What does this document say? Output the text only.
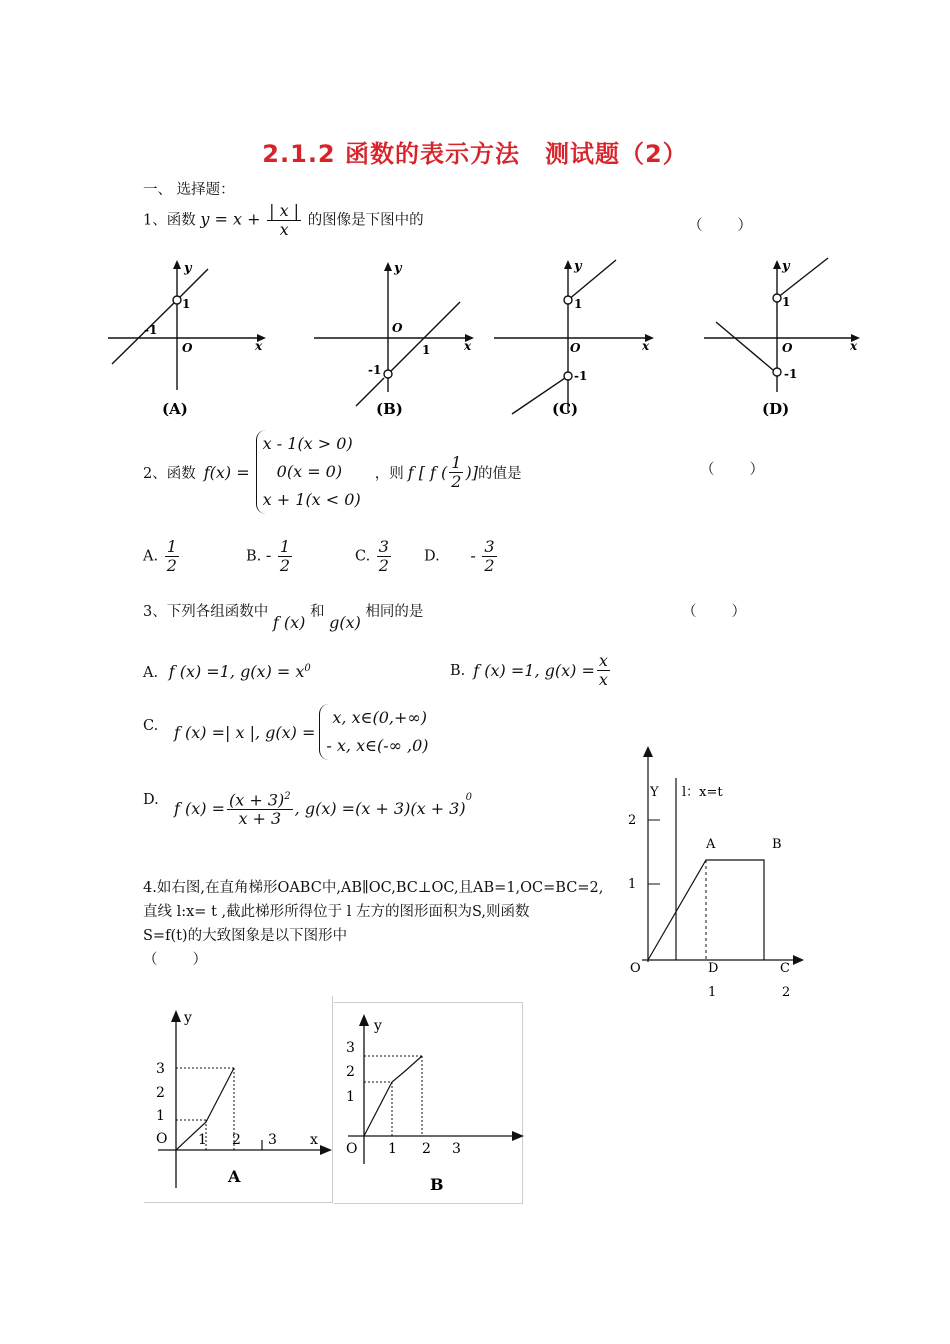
2.1.2 函数的表示方法　测试题（2）
一、 选择题：
1、函数 $y = x + \frac{| x |}{x}$ 的图像是下图中的	（　　）
y
1
-1
O	x
(A)
y
O
-1
1	x
(B)
y
1
O
-1
x
(C)
y
1
O
-1
x
(D)
2、函数 f(x) =
x - 1(x > 0)
0(x = 0)
x + 1(x < 0)
，则 f [ f ( $\frac{1}{2}$ )] 的值是	（　　）
A. $\frac{1}{2}$	B. - $\frac{1}{2}$	C. $\frac{3}{2} D$. - $\frac{3}{2}$
3、下列各组函数中 f (x) 和 g(x) 相同的是	（　　）
A. f (x) =1, $g(x) = x^0$	B. f (x) =1, $g(x) = \frac{x}{x}$
C. f (x) =| x |, g(x) =
x, x∈(0,+∞)
- x, x∈(-∞ ,0)
D. f $(x) = \frac{(x + 3)^2}{x + 3}$ , g(x) =(x + 3)(x + 3)
$^0$	Y l：x=t
2
1
A	B
O	D	C
1	2
4.如右图,在直角梯形OABC中,AB∥OC,BC⊥OC,且AB=1,OC=BC=2,
直线 l:x= t ,截此梯形所得位于 l 左方的图形面积为S,则函数
S=f(t)的大致图象是以下图形中
（　　）
y
3
2
1
O 1 2 3 x
A
y
3
2
1
O 1 2 3
B
